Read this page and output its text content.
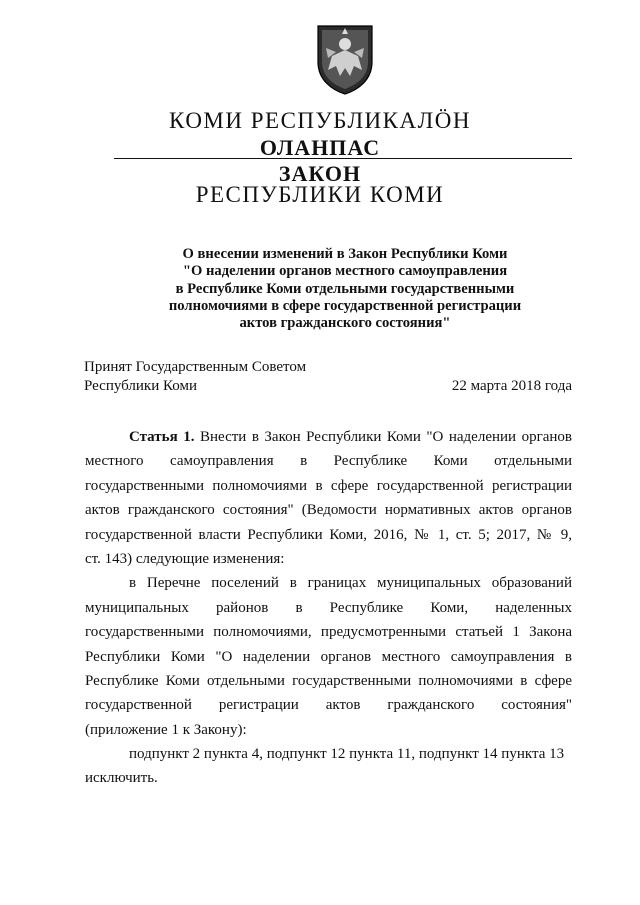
КОМИ РЕСПУБЛИКАЛӦН
ОЛАНПАС
ЗАКОН
РЕСПУБЛИКИ КОМИ
О внесении изменений в Закон Республики Коми
"О наделении органов местного самоуправления
в Республике Коми отдельными государственными
полномочиями в сфере государственной регистрации
актов гражданского состояния"
Принят Государственным Советом
Республики Коми	22 марта 2018 года
Статья 1. Внести в Закон Республики Коми "О наделении органов
местного самоуправления в Республике Коми отдельными
государственными полномочиями в сфере государственной регистрации
актов гражданского состояния" (Ведомости нормативных актов органов
государственной власти Республики Коми, 2016, № 1, ст. 5; 2017, № 9,
ст. 143) следующие изменения:
в Перечне поселений в границах муниципальных образований
муниципальных районов в Республике Коми, наделенных
государственными полномочиями, предусмотренными статьей 1 Закона
Республики Коми "О наделении органов местного самоуправления в
Республике Коми отдельными государственными полномочиями в сфере
государственной регистрации актов гражданского состояния"
(приложение 1 к Закону):
подпункт 2 пункта 4, подпункт 12 пункта 11, подпункт 14 пункта 13
исключить.
